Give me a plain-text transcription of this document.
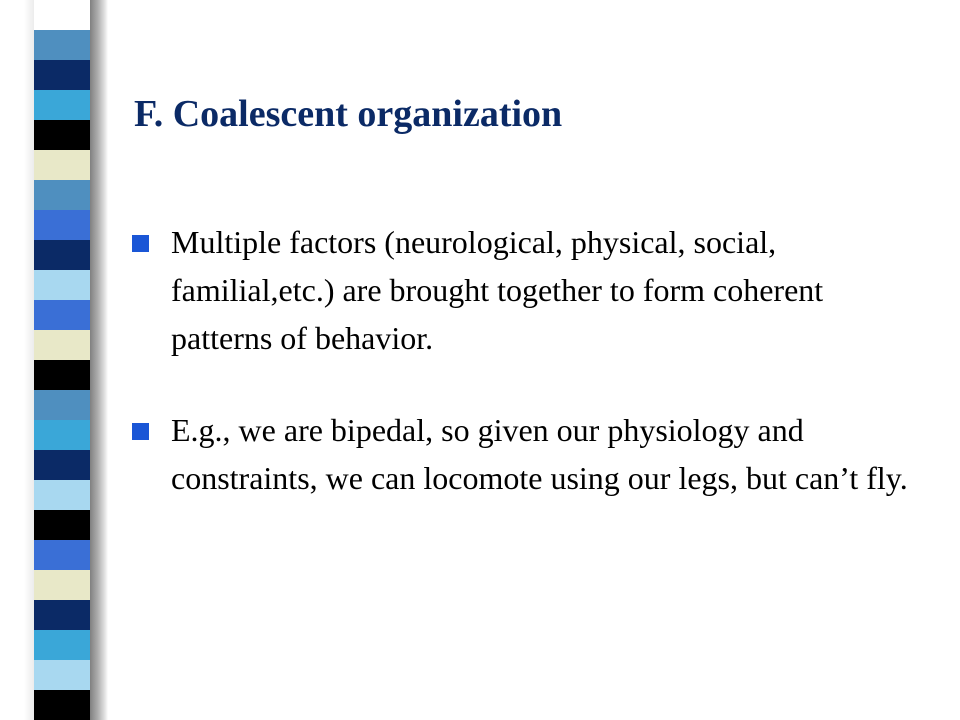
F. Coalescent organization
Multiple factors (neurological, physical, social, familial,etc.) are brought together to form coherent patterns of behavior.
E.g., we are bipedal, so given our physiology and constraints, we can locomote using our legs, but can’t fly.
